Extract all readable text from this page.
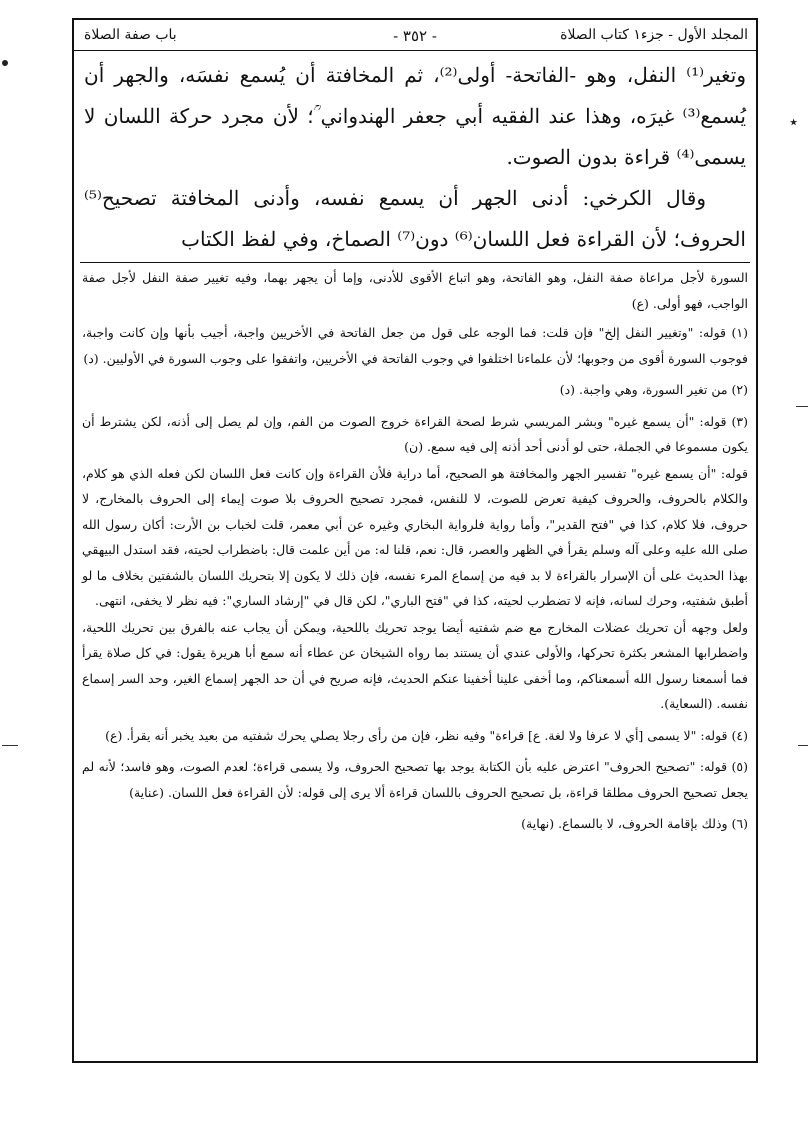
٭
المجلد الأول - جزء١ كتاب الصلاة
- ٣٥٢ -
باب صفة الصلاة

وتغير⁽¹⁾ النفل، وهو -الفاتحة- أولى⁽²⁾، ثم المخافتة أن يُسمع نفسَه، والجهر أن يُسمع⁽³⁾ غيرَه، وهذا عند الفقيه أبي جعفر الهندواني ؒ؛ لأن مجرد حركة اللسان لا يسمى⁽⁴⁾ قراءة بدون الصوت.

وقال الكرخي: أدنى الجهر أن يسمع نفسه، وأدنى المخافتة تصحيح⁽⁵⁾ الحروف؛ لأن القراءة فعل اللسان⁽⁶⁾ دون⁽⁷⁾ الصماخ، وفي لفظ الكتاب

السورة لأجل مراعاة صفة النفل، وهو الفاتحة، وهو اتباع الأقوى للأدنى، وإما أن يجهر بهما، وفيه تغيير صفة النفل لأجل صفة الواجب، فهو أولى. (ع)

(١) قوله: "وتغيير النفل إلخ" فإن قلت: فما الوجه على قول من جعل الفاتحة في الأخريين واجبة، أجيب بأنها وإن كانت واجبة، فوجوب السورة أقوى من وجوبها؛ لأن علماءنا اختلفوا في وجوب الفاتحة في الأخريين، واتفقوا على وجوب السورة في الأوليين. (د)

(٢) من تغير السورة، وهي واجبة. (د)

(٣) قوله: "أن يسمع غيره" وبشر المريسي شرط لصحة القراءة خروج الصوت من الفم، وإن لم يصل إلى أذنه، لكن يشترط أن يكون مسموعا في الجملة، حتى لو أدنى أحد أذنه إلى فيه سمع. (ن)

قوله: "أن يسمع غيره" تفسير الجهر والمخافتة هو الصحيح، أما دراية فلأن القراءة وإن كانت فعل اللسان لكن فعله الذي هو كلام، والكلام بالحروف، والحروف كيفية تعرض للصوت، لا للنفس، فمجرد تصحيح الحروف بلا صوت إيماء إلى الحروف بالمخارج، لا حروف، فلا كلام، كذا في "فتح القدير"، وأما رواية فلرواية البخاري وغيره عن أبي معمر، قلت لخباب بن الأرت: أكان رسول الله صلى الله عليه وعلى آله وسلم يقرأ في الظهر والعصر، قال: نعم، قلنا له: من أين علمت قال: باضطراب لحيته، فقد استدل البيهقي بهذا الحديث على أن الإسرار بالقراءة لا بد فيه من إسماع المرء نفسه، فإن ذلك لا يكون إلا بتحريك اللسان بالشفتين بخلاف ما لو أطبق شفتيه، وحرك لسانه، فإنه لا تضطرب لحيته، كذا في "فتح الباري"، لكن قال في "إرشاد الساري": فيه نظر لا يخفى، انتهى.

ولعل وجهه أن تحريك عضلات المخارج مع ضم شفتيه أيضا يوجد تحريك باللحية، ويمكن أن يجاب عنه بالفرق بين تحريك اللحية، واضطرابها المشعر بكثرة تحركها، والأولى عندي أن يستند بما رواه الشيخان عن عطاء أنه سمع أبا هريرة يقول: في كل صلاة يقرأ فما أسمعنا رسول الله أسمعناكم، وما أخفى علينا أخفينا عنكم الحديث، فإنه صريح في أن حد الجهر إسماع الغير، وحد السر إسماع نفسه. (السعاية).

(٤) قوله: "لا يسمى [أي لا عرفا ولا لغة. ع] قراءة" وفيه نظر، فإن من رأى رجلا يصلي يحرك شفتيه من بعيد يخبر أنه يقرأ. (ع)

(٥) قوله: "تصحيح الحروف" اعترض عليه بأن الكتابة يوجد بها تصحيح الحروف، ولا يسمى قراءة؛ لعدم الصوت، وهو فاسد؛ لأنه لم يجعل تصحيح الحروف مطلقا قراءة، بل تصحيح الحروف باللسان قراءة ألا يرى إلى قوله: لأن القراءة فعل اللسان. (عناية)

(٦) وذلك بإقامة الحروف، لا بالسماع. (نهاية)
